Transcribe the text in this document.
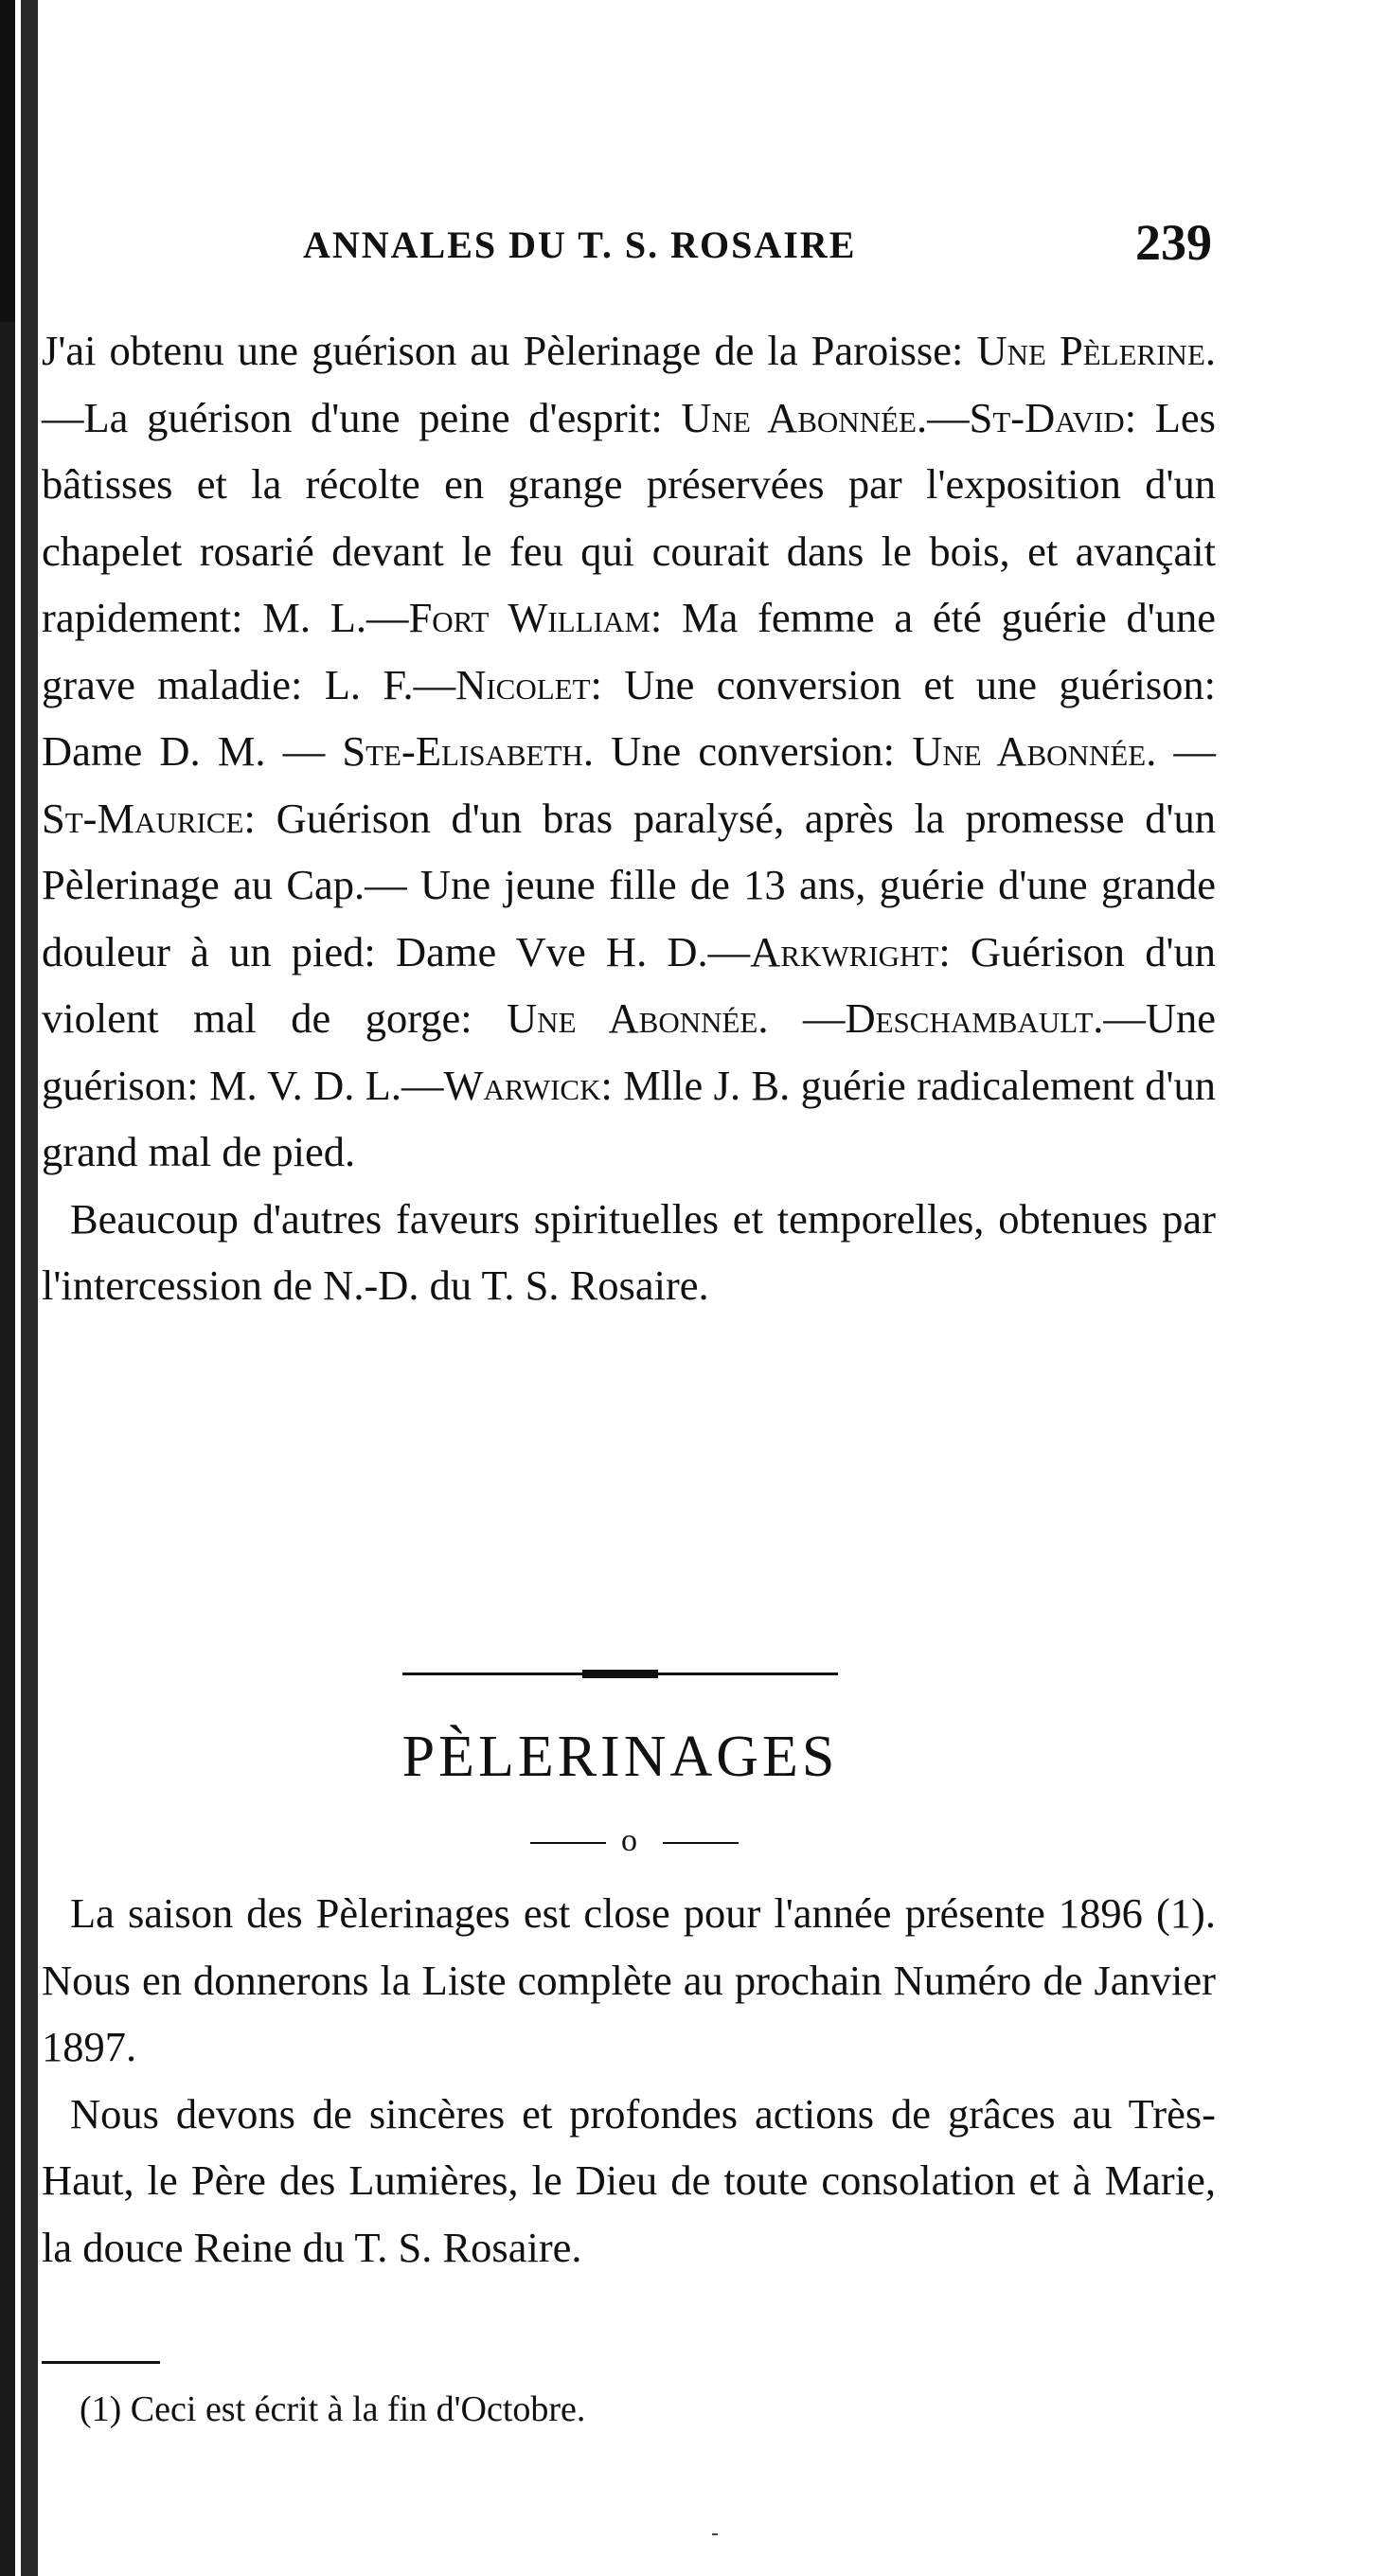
ANNALES DU T. S. ROSAIRE	239
J'ai obtenu une guérison au Pèlerinage de la Paroisse: Une Pèlerine.—La guérison d'une peine d'esprit: Une Abonnée.—St-David: Les bâtisses et la récolte en grange préservées par l'exposition d'un chapelet rosarié devant le feu qui courait dans le bois, et avançait rapidement: M. L.—Fort William: Ma femme a été guérie d'une grave maladie: L. F.—Nicolet: Une conversion et une guérison: Dame D. M. — Ste-Elisabeth. Une conversion: Une Abonnée. — St-Maurice: Guérison d'un bras paralysé, après la promesse d'un Pèlerinage au Cap.— Une jeune fille de 13 ans, guérie d'une grande douleur à un pied: Dame Vve H. D.—Arkwright: Guérison d'un violent mal de gorge: Une Abonnée. —Deschambault.—Une guérison: M. V. D. L.—Warwick: Mlle J. B. guérie radicalement d'un grand mal de pied.
Beaucoup d'autres faveurs spirituelles et temporelles, obtenues par l'intercession de N.-D. du T. S. Rosaire.
PÈLERINAGES
o
La saison des Pèlerinages est close pour l'année présente 1896 (1). Nous en donnerons la Liste complète au prochain Numéro de Janvier 1897.
Nous devons de sincères et profondes actions de grâces au Très-Haut, le Père des Lumières, le Dieu de toute consolation et à Marie, la douce Reine du T. S. Rosaire.
(1) Ceci est écrit à la fin d'Octobre.
